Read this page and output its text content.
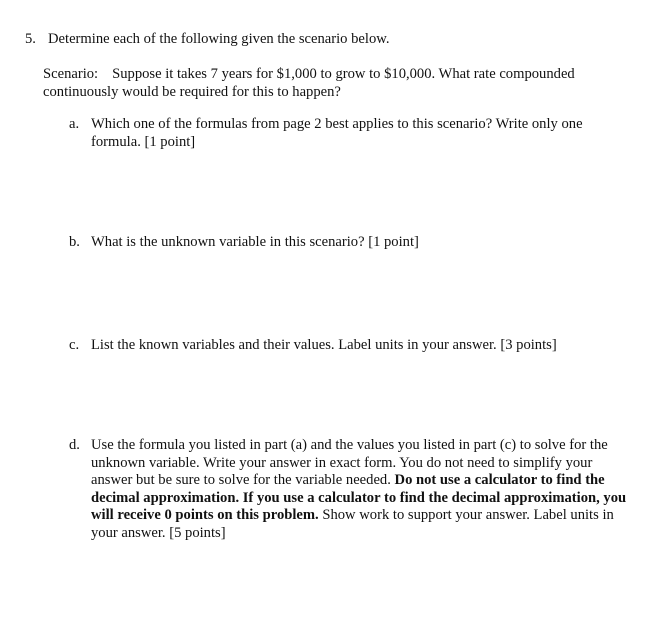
5. Determine each of the following given the scenario below.
Scenario: Suppose it takes 7 years for $1,000 to grow to $10,000. What rate compounded continuously would be required for this to happen?
a. Which one of the formulas from page 2 best applies to this scenario? Write only one formula. [1 point]
b. What is the unknown variable in this scenario? [1 point]
c. List the known variables and their values. Label units in your answer. [3 points]
d. Use the formula you listed in part (a) and the values you listed in part (c) to solve for the unknown variable. Write your answer in exact form. You do not need to simplify your answer but be sure to solve for the variable needed. Do not use a calculator to find the decimal approximation. If you use a calculator to find the decimal approximation, you will receive 0 points on this problem. Show work to support your answer. Label units in your answer. [5 points]
